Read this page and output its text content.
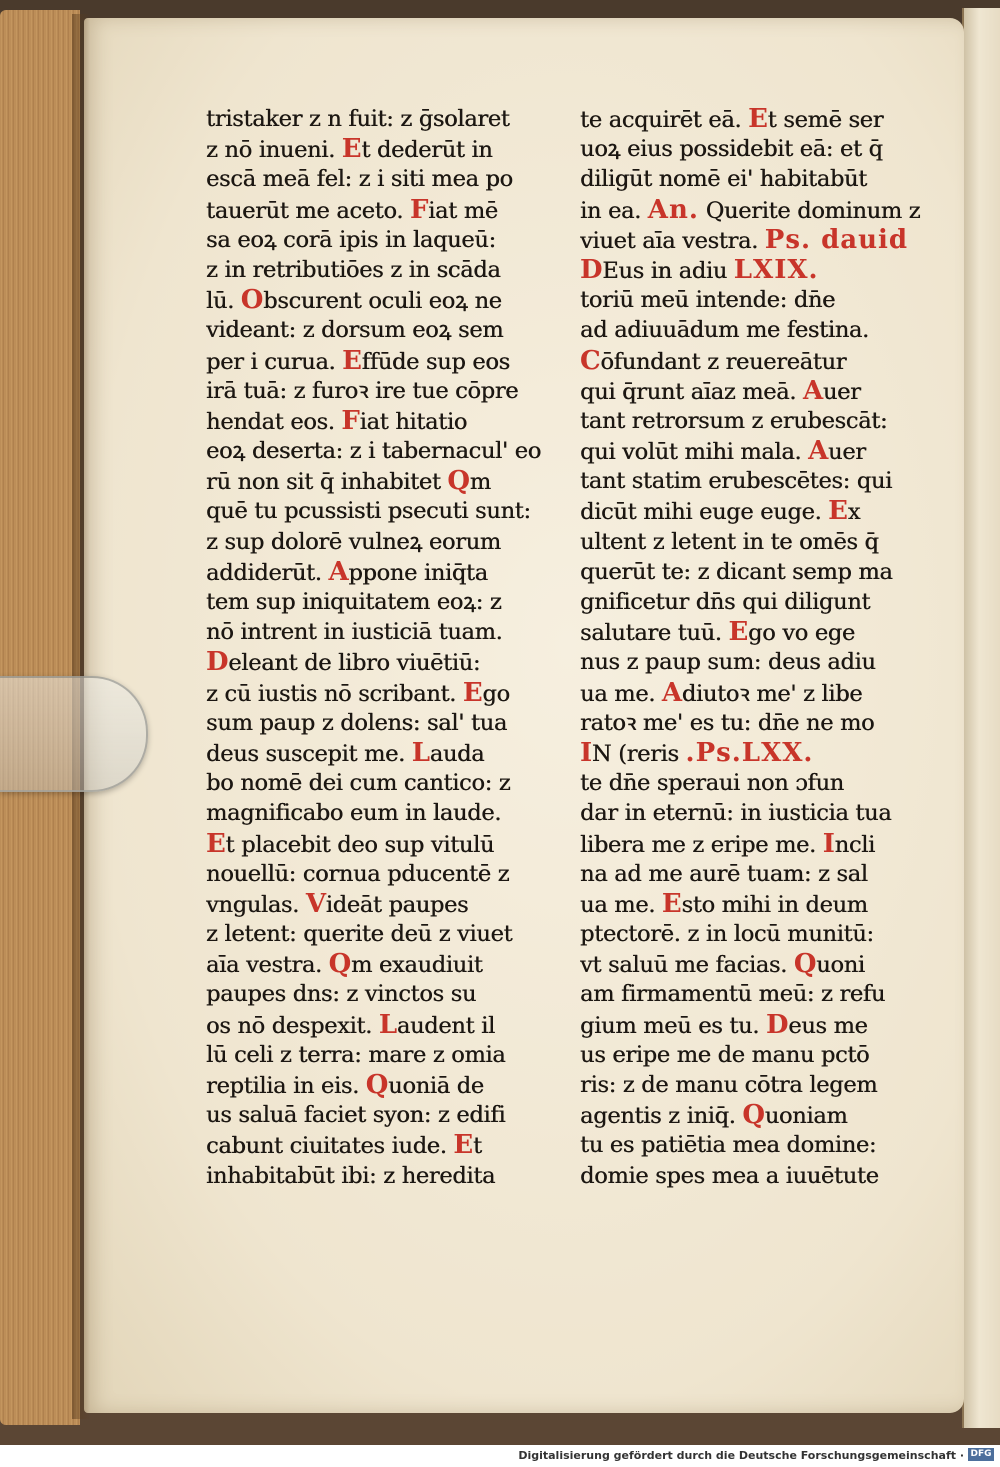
tristaker z n fuit: z ḡsolaret
z nō inueni. Et dederūt in
escā meā fel: z i siti mea po
tauerūt me aceto. Fiat mē
sa eoꝝ corā ipis in laqueū:
z in retributiōes z in scāda
lū. Obscurent oculi eoꝝ ne
videant: z dorsum eoꝝ sem
per i curua. Effūde sup eos
irā tuā: z furoꝛ ire tue cōpre
hendat eos. Fiat hitatio
eoꝝ deserta: z i tabernacul' eo
rū non sit q̄ inhabitet Qm
quē tu pcussisti psecuti sunt:
z sup dolorē vulneꝝ eorum
addiderūt. Appone iniq̄ta
tem sup iniquitatem eoꝝ: z
nō intrent in iusticiā tuam.
Deleant de libro viuētiū:
z cū iustis nō scribant. Ego
sum paup z dolens: sal' tua
deus suscepit me. Lauda
bo nomē dei cum cantico: z
magnificabo eum in laude.
Et placebit deo sup vitulū
nouellū: cornua pducentē z
vngulas. Videāt paupes
z letent: querite deū z viuet
aīa vestra. Qm exaudiuit
paupes dns: z vinctos su
os nō despexit. Laudent il
lū celi z terra: mare z omia
reptilia in eis. Quoniā de
us saluā faciet syon: z edifi
cabunt ciuitates iude. Et
inhabitabūt ibi: z heredita
te acquirēt eā. Et semē ser
uoꝝ eius possidebit eā: et q̄
diligūt nomē ei' habitabūt
in ea. An. Querite dominum z
viuet aīa vestra. Ps. dauid
DEus in adiu LXIX.
toriū meū intende: dn̄e
ad adiuuādum me festina.
Cōfundant z reuereātur
qui q̄runt aīaz meā. Auer
tant retrorsum z erubescāt:
qui volūt mihi mala. Auer
tant statim erubescētes: qui
dicūt mihi euge euge. Ex
ultent z letent in te omēs q̄
querūt te: z dicant semp ma
gnificetur dn̄s qui diligunt
salutare tuū. Ego vo ege
nus z paup sum: deus adiu
ua me. Adiutoꝛ me' z libe
ratoꝛ me' es tu: dn̄e ne mo
IN (reris .Ps.LXX.
te dn̄e speraui non ɔfun
dar in eternū: in iusticia tua
libera me z eripe me. Incli
na ad me aurē tuam: z sal
ua me. Esto mihi in deum
ptectorē. z in locū munitū:
vt saluū me facias. Quoni
am firmamentū meū: z refu
gium meū es tu. Deus me
us eripe me de manu pctō
ris: z de manu cōtra legem
agentis z iniq̄. Quoniam
tu es patiētia mea domine:
domie spes mea a iuuētute
Digitalisierung gefördert durch die Deutsche Forschungsgemeinschaft · DFG
